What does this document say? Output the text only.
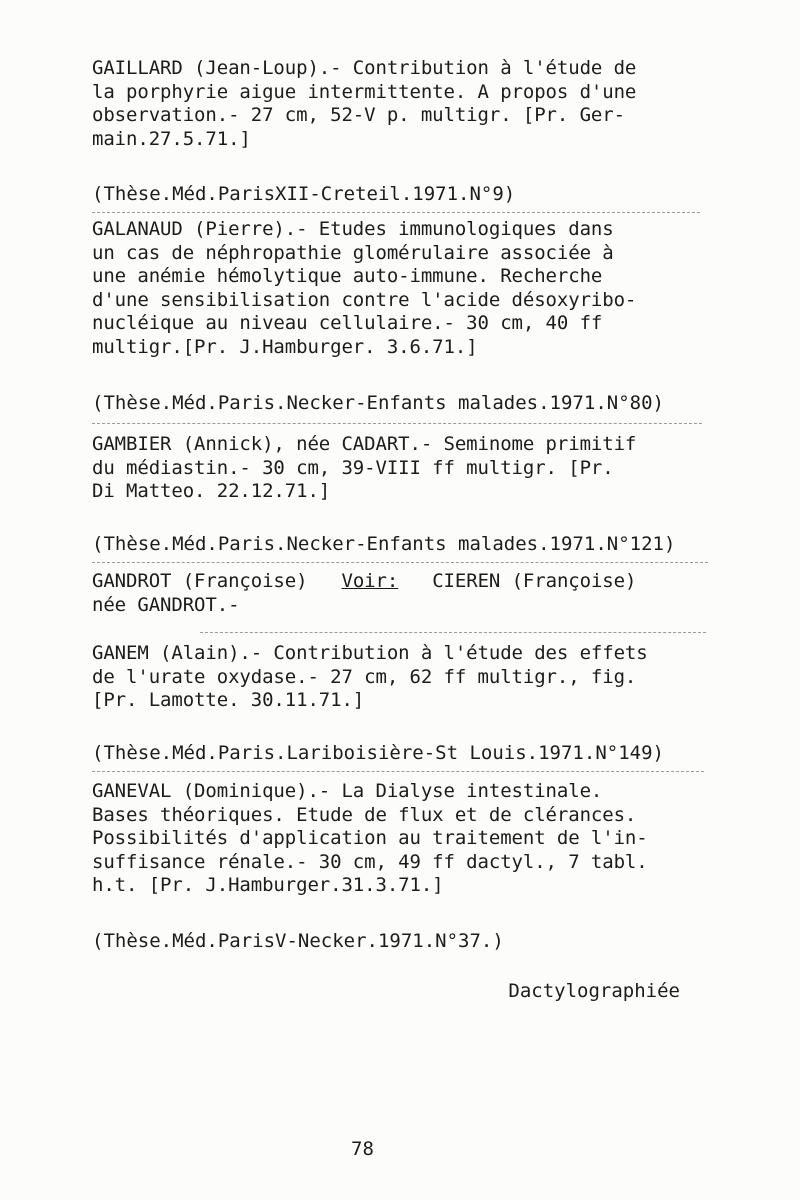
GAILLARD (Jean-Loup).- Contribution à l'étude de
la porphyrie aigue intermittente. A propos d'une
observation.- 27 cm, 52-V p. multigr. [Pr. Ger-
main.27.5.71.]
(Thèse.Méd.ParisXII-Creteil.1971.N°9)
GALANAUD (Pierre).- Etudes immunologiques dans
un cas de néphropathie glomérulaire associée à
une anémie hémolytique auto-immune. Recherche
d'une sensibilisation contre l'acide désoxyribo-
nucléique au niveau cellulaire.- 30 cm, 40 ff
multigr.[Pr. J.Hamburger. 3.6.71.]
(Thèse.Méd.Paris.Necker-Enfants malades.1971.N°80)
GAMBIER (Annick), née CADART.- Seminome primitif
du médiastin.- 30 cm, 39-VIII ff multigr. [Pr.
Di Matteo. 22.12.71.]
(Thèse.Méd.Paris.Necker-Enfants malades.1971.N°121)
GANDROT (Françoise) Voir: CIEREN (Françoise)
née GANDROT.-
GANEM (Alain).- Contribution à l'étude des effets
de l'urate oxydase.- 27 cm, 62 ff multigr., fig.
[Pr. Lamotte. 30.11.71.]
(Thèse.Méd.Paris.Lariboisière-St Louis.1971.N°149)
GANEVAL (Dominique).- La Dialyse intestinale.
Bases théoriques. Etude de flux et de clérances.
Possibilités d'application au traitement de l'in-
suffisance rénale.- 30 cm, 49 ff dactyl., 7 tabl.
h.t. [Pr. J.Hamburger.31.3.71.]
(Thèse.Méd.ParisV-Necker.1971.N°37.)
Dactylographiée
78
